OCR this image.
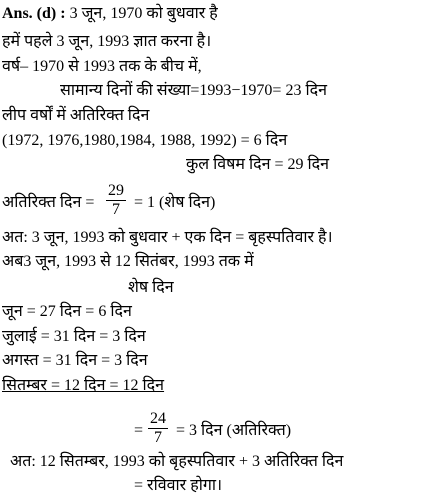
Ans. (d) : 3 जून, 1970 को बुधवार है
हमें पहले 3 जून, 1993 ज्ञात करना है।
वर्ष– 1970 से 1993 तक के बीच में,
सामान्य दिनों की संख्या=1993−1970= 23 दिन
लीप वर्षों में अतिरिक्त दिन
(1972, 1976,1980,1984, 1988, 1992) = 6 दिन
कुल विषम दिन = 29 दिन
अतिरिक्त दिन = $\frac{29}{7} = 1$ (शेष दिन)
अत: 3 जून, 1993 को बुधवार + एक दिन = बृहस्पतिवार है।
अब3 जून, 1993 से 12 सितंबर, 1993 तक में
शेष दिन
जून = 27 दिन = 6 दिन
जुलाई = 31 दिन = 3 दिन
अगस्त = 31 दिन = 3 दिन
सितम्बर = 12 दिन = 12 दिन
= $\frac{24}{7} = 3$ दिन (अतिरिक्त)
अत: 12 सितम्बर, 1993 को बृहस्पतिवार + 3 अतिरिक्त दिन
= रविवार होगा।
